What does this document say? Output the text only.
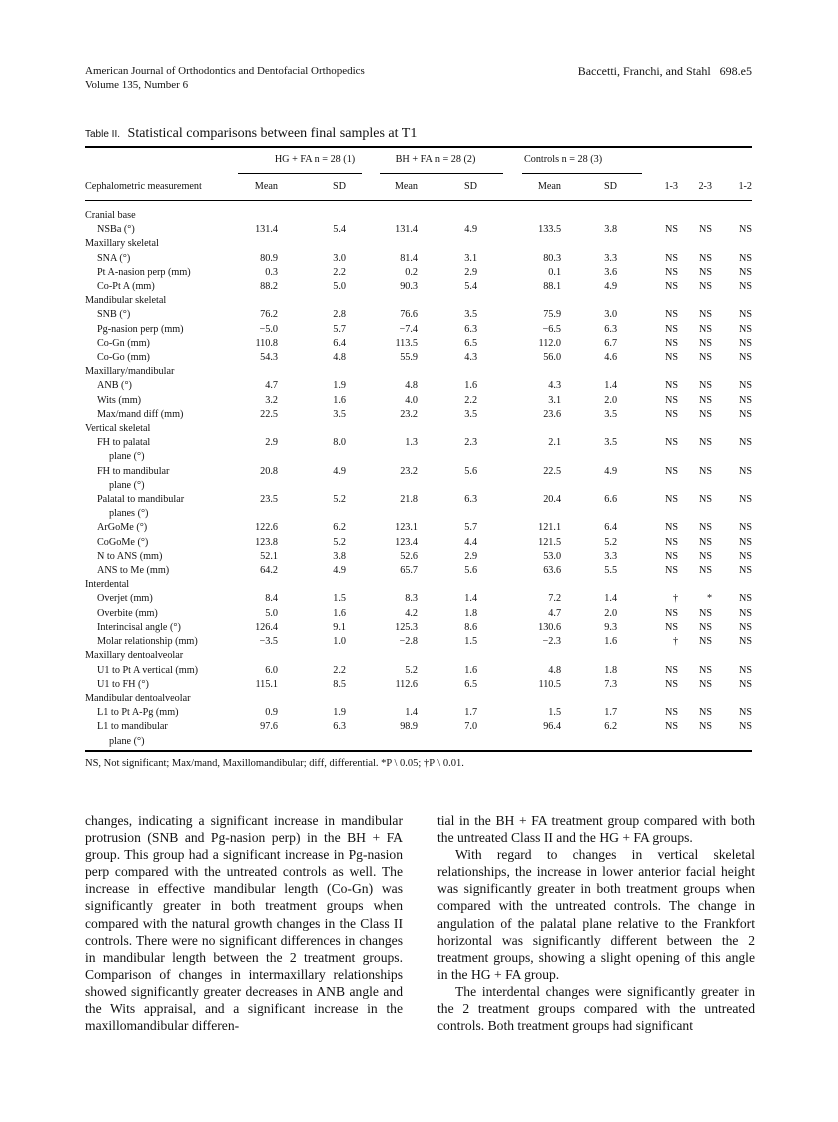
American Journal of Orthodontics and Dentofacial Orthopedics
Volume 135, Number 6
Baccetti, Franchi, and Stahl 698.e5
Table II. Statistical comparisons between final samples at T1
	HG + FA n = 28 (1)		BH + FA n = 28 (2)		Controls n = 28 (3)				
Cephalometric measurement	Mean	SD	Mean	SD	Mean	SD	1-3	2-3	1-2
Cranial base									
NSBa (°)	131.4	5.4	131.4	4.9	133.5	3.8	NS	NS	NS
Maxillary skeletal									
SNA (°)	80.9	3.0	81.4	3.1	80.3	3.3	NS	NS	NS
Pt A-nasion perp (mm)	0.3	2.2	0.2	2.9	0.1	3.6	NS	NS	NS
Co-Pt A (mm)	88.2	5.0	90.3	5.4	88.1	4.9	NS	NS	NS
Mandibular skeletal									
SNB (°)	76.2	2.8	76.6	3.5	75.9	3.0	NS	NS	NS
Pg-nasion perp (mm)	−5.0	5.7	−7.4	6.3	−6.5	6.3	NS	NS	NS
Co-Gn (mm)	110.8	6.4	113.5	6.5	112.0	6.7	NS	NS	NS
Co-Go (mm)	54.3	4.8	55.9	4.3	56.0	4.6	NS	NS	NS
Maxillary/mandibular									
ANB (°)	4.7	1.9	4.8	1.6	4.3	1.4	NS	NS	NS
Wits (mm)	3.2	1.6	4.0	2.2	3.1	2.0	NS	NS	NS
Max/mand diff (mm)	22.5	3.5	23.2	3.5	23.6	3.5	NS	NS	NS
Vertical skeletal									
FH to palatal	2.9	8.0	1.3	2.3	2.1	3.5	NS	NS	NS
plane (°)									
FH to mandibular	20.8	4.9	23.2	5.6	22.5	4.9	NS	NS	NS
plane (°)									
Palatal to mandibular	23.5	5.2	21.8	6.3	20.4	6.6	NS	NS	NS
planes (°)									
ArGoMe (°)	122.6	6.2	123.1	5.7	121.1	6.4	NS	NS	NS
CoGoMe (°)	123.8	5.2	123.4	4.4	121.5	5.2	NS	NS	NS
N to ANS (mm)	52.1	3.8	52.6	2.9	53.0	3.3	NS	NS	NS
ANS to Me (mm)	64.2	4.9	65.7	5.6	63.6	5.5	NS	NS	NS
Interdental									
Overjet (mm)	8.4	1.5	8.3	1.4	7.2	1.4	†	*	NS
Overbite (mm)	5.0	1.6	4.2	1.8	4.7	2.0	NS	NS	NS
Interincisal angle (°)	126.4	9.1	125.3	8.6	130.6	9.3	NS	NS	NS
Molar relationship (mm)	−3.5	1.0	−2.8	1.5	−2.3	1.6	†	NS	NS
Maxillary dentoalveolar									
U1 to Pt A vertical (mm)	6.0	2.2	5.2	1.6	4.8	1.8	NS	NS	NS
U1 to FH (°)	115.1	8.5	112.6	6.5	110.5	7.3	NS	NS	NS
Mandibular dentoalveolar									
L1 to Pt A-Pg (mm)	0.9	1.9	1.4	1.7	1.5	1.7	NS	NS	NS
L1 to mandibular	97.6	6.3	98.9	7.0	96.4	6.2	NS	NS	NS
plane (°)									
NS, Not significant; Max/mand, Maxillomandibular; diff, differential. *P \ 0.05; †P \ 0.01.

changes, indicating a significant increase in mandibular protrusion (SNB and Pg-nasion perp) in the BH + FA group. This group had a significant increase in Pg-nasion perp compared with the untreated controls as well. The increase in effective mandibular length (Co-Gn) was significantly greater in both treatment groups when compared with the natural growth changes in the Class II controls. There were no significant differences in changes in mandibular length between the 2 treatment groups. Comparison of changes in intermaxillary relationships showed significantly greater decreases in ANB angle and the Wits appraisal, and a significant increase in the maxillomandibular differen-

tial in the BH + FA treatment group compared with both the untreated Class II and the HG + FA groups.

With regard to changes in vertical skeletal relationships, the increase in lower anterior facial height was significantly greater in both treatment groups when compared with the untreated controls. The change in angulation of the palatal plane relative to the Frankfort horizontal was significantly different between the 2 treatment groups, showing a slight opening of this angle in the HG + FA group.

The interdental changes were significantly greater in the 2 treatment groups compared with the untreated controls. Both treatment groups had significant
